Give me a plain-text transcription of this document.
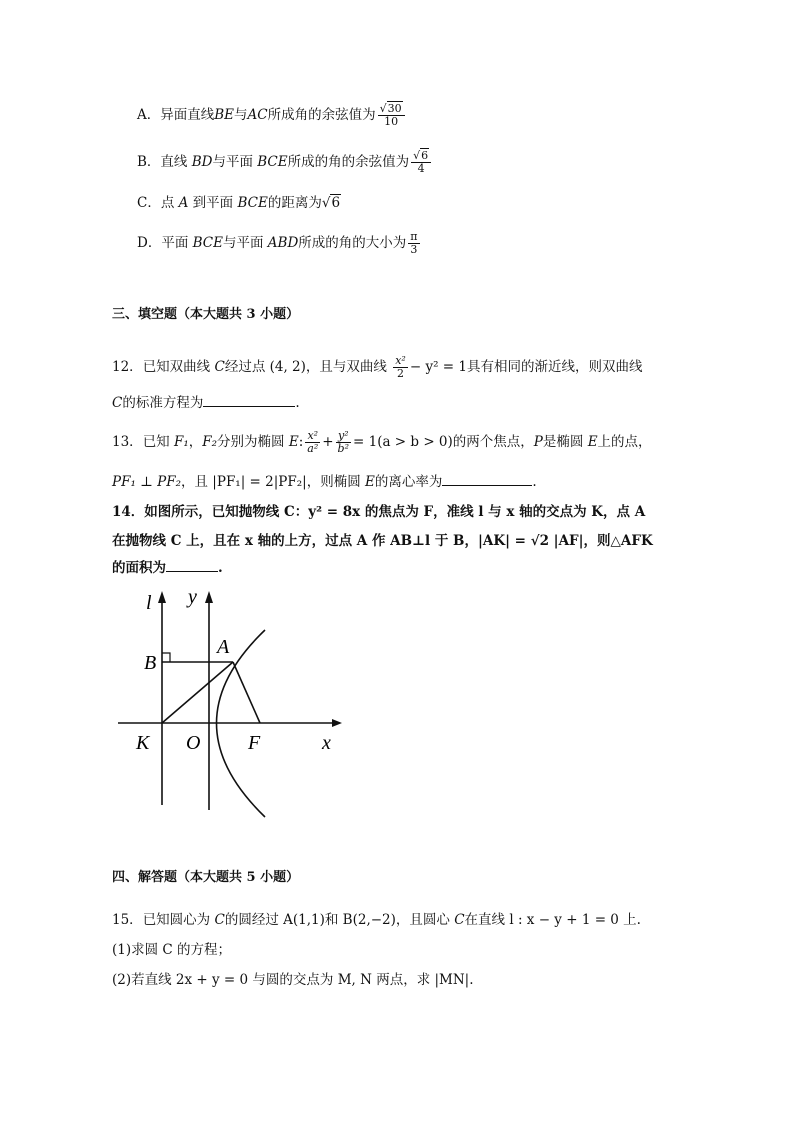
A．异面直线BE与AC所成角的余弦值为 $\frac{√30}{10}$
B．直线 BD与平面 BCE所成的角的余弦值为 $\frac{√6}{4}$
C．点 A 到平面 BCE的距离为√6
D．平面 BCE与平面 ABD所成的角的大小为 $\frac{\pi}{3}$
三、填空题（本大题共 3 小题）
12．已知双曲线 C经过点 (4, 2)，且与双曲线 $\frac{\text{x²}}{2} - y^2 = 1$具有相同的渐近线，则双曲线
C的标准方程为	.
13．已知 F₁，F₂分别为椭圆 E: $\frac{\text{x²}}{\text{a²}} + \frac{\text{y²}}{\text{b²}} = 1(a > b > 0)$的两个焦点，P是椭圆 E上的点，
PF₁ ⊥ PF₂，且 |PF₁| = 2|PF₂|，则椭圆 E的离心率为	.
14．如图所示，已知抛物线 C：y² = 8x 的焦点为 F，准线 l 与 x 轴的交点为 K，点 A
在抛物线 C 上，且在 x 轴的上方，过点 A 作 AB⊥l 于 B，|AK| = √2 |AF|，则△AFK
的面积为	.
l y
B
A
K O F	x
四、解答题（本大题共 5 小题）
15．已知圆心为 C的圆经过 A(1,1)和 B(2,−2)，且圆心 C在直线 l : x − y + 1 = 0 上.
(1)求圆 C 的方程；
(2)若直线 2x + y = 0 与圆的交点为 M, N 两点，求 |MN|.
